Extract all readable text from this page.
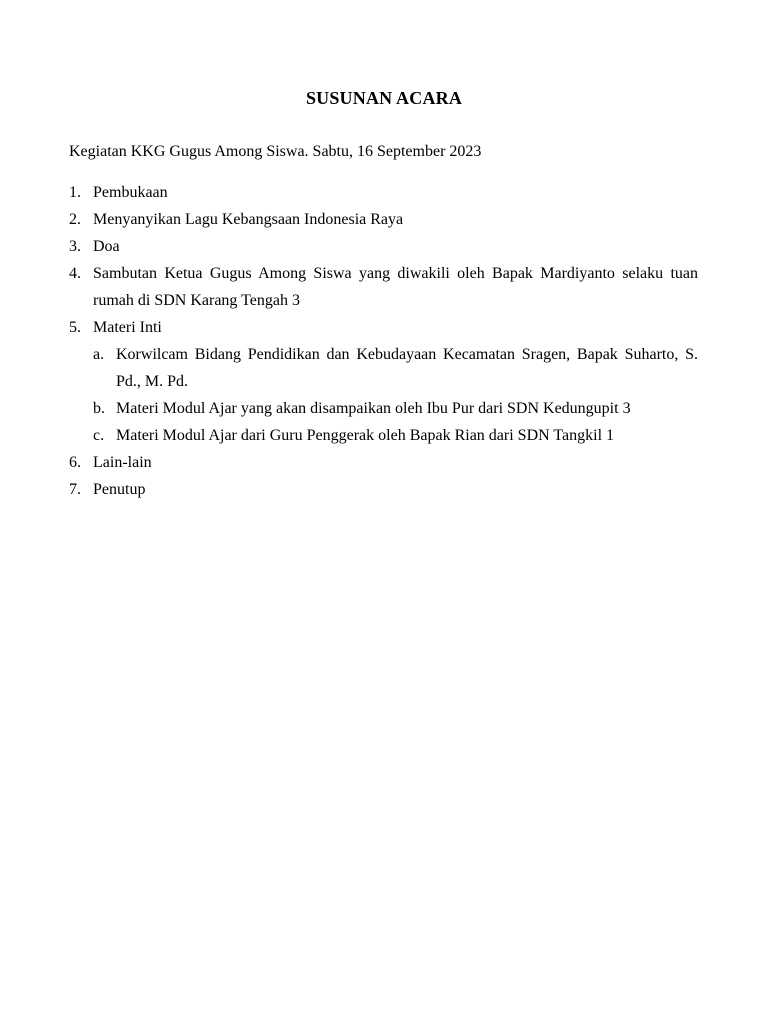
SUSUNAN ACARA
Kegiatan KKG Gugus Among Siswa. Sabtu, 16 September 2023
1. Pembukaan
2. Menyanyikan Lagu Kebangsaan Indonesia Raya
3. Doa
4. Sambutan Ketua Gugus Among Siswa yang diwakili oleh Bapak Mardiyanto selaku tuan rumah di SDN Karang Tengah 3
5. Materi Inti
a. Korwilcam Bidang Pendidikan dan Kebudayaan Kecamatan Sragen, Bapak Suharto, S. Pd., M. Pd.
b. Materi Modul Ajar yang akan disampaikan oleh Ibu Pur dari SDN Kedungupit 3
c. Materi Modul Ajar dari Guru Penggerak oleh Bapak Rian dari SDN Tangkil 1
6. Lain-lain
7. Penutup
